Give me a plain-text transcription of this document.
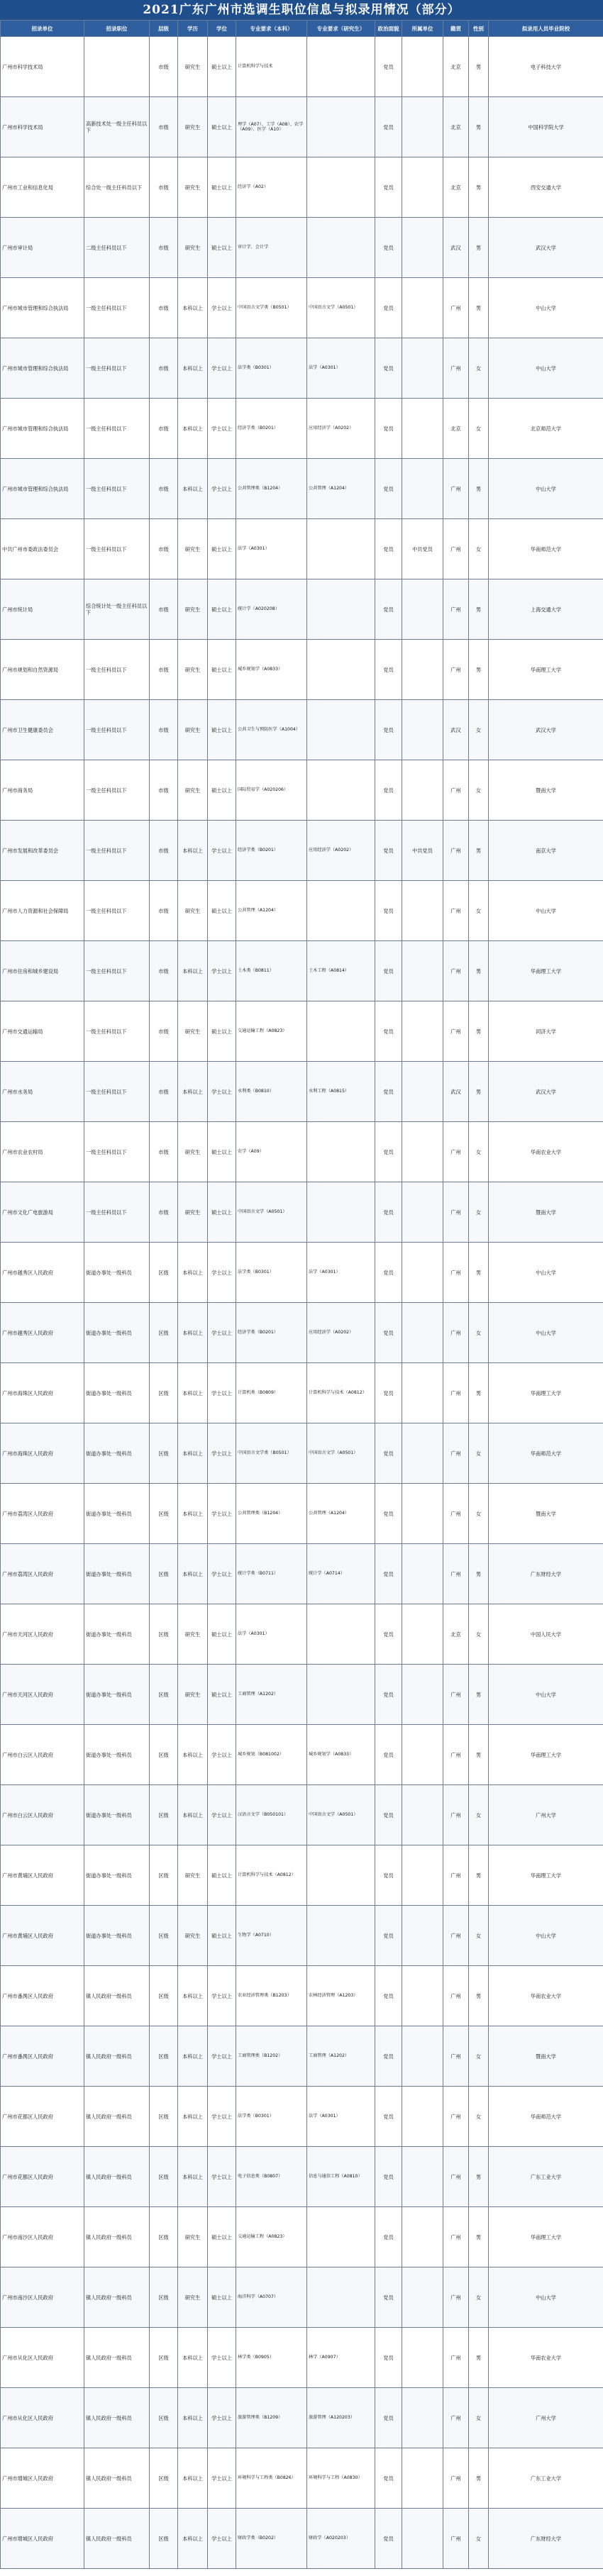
2021广东广州市选调生职位信息与拟录用情况（部分）
招录单位	招录职位	层级	学历	学位	专业要求（本科）	专业要求（研究生）	政治面貌	所属单位	籍贯	性别	拟录用人员毕业院校
广州市科学技术局		市级	研究生	硕士以上	计算机科学与技术		党员		北京	男	电子科技大学
广州市科学技术局	高新技术处一级主任科员以下	市级	研究生	硕士以上	理学（A07）、工学（A08）、农学（A09）、医学（A10）		党员		北京	男	中国科学院大学
广州市工业和信息化局	综合处一级主任科员以下	市级	研究生	硕士以上	经济学（A02）		党员		北京	男	西安交通大学
广州市审计局	二级主任科员以下	市级	研究生	硕士以上	审计学、会计学		党员		武汉	男	武汉大学
广州市城市管理和综合执法局	一级主任科员以下	市级	本科以上	学士以上	中国语言文学类（B0501）	中国语言文学（A0501）	党员		广州	男	中山大学
广州市城市管理和综合执法局	一级主任科员以下	市级	本科以上	学士以上	法学类（B0301）	法学（A0301）	党员		广州	女	中山大学
广州市城市管理和综合执法局	一级主任科员以下	市级	本科以上	学士以上	经济学类（B0201）	应用经济学（A0202）	党员		北京	女	北京师范大学
广州市城市管理和综合执法局	一级主任科员以下	市级	本科以上	学士以上	公共管理类（B1204）	公共管理（A1204）	党员		广州	男	中山大学
中共广州市委政法委员会	一级主任科员以下	市级	研究生	硕士以上	法学（A0301）		党员	中共党员	广州	女	华南师范大学
广州市统计局	综合统计处一级主任科员以下	市级	研究生	硕士以上	统计学（A020208）		党员		广州	男	上海交通大学
广州市规划和自然资源局	一级主任科员以下	市级	研究生	硕士以上	城乡规划学（A0833）		党员		广州	男	华南理工大学
广州市卫生健康委员会	一级主任科员以下	市级	研究生	硕士以上	公共卫生与预防医学（A1004）		党员		武汉	女	武汉大学
广州市商务局	一级主任科员以下	市级	研究生	硕士以上	国际贸易学（A020206）		党员		广州	女	暨南大学
广州市发展和改革委员会	一级主任科员以下	市级	本科以上	学士以上	经济学类（B0201）	应用经济学（A0202）	党员	中共党员	广州	男	南京大学
广州市人力资源和社会保障局	一级主任科员以下	市级	研究生	硕士以上	公共管理（A1204）		党员		广州	女	中山大学
广州市住房和城乡建设局	一级主任科员以下	市级	本科以上	学士以上	土木类（B0811）	土木工程（A0814）	党员		广州	男	华南理工大学
广州市交通运输局	一级主任科员以下	市级	研究生	硕士以上	交通运输工程（A0823）		党员		广州	男	同济大学
广州市水务局	一级主任科员以下	市级	本科以上	学士以上	水利类（B0810）	水利工程（A0815）	党员		武汉	男	武汉大学
广州市农业农村局	一级主任科员以下	市级	研究生	硕士以上	农学（A09）		党员		广州	女	华南农业大学
广州市文化广电旅游局	一级主任科员以下	市级	研究生	硕士以上	中国语言文学（A0501）		党员		广州	女	暨南大学
广州市越秀区人民政府	街道办事处一级科员	区级	本科以上	学士以上	法学类（B0301）	法学（A0301）	党员		广州	男	中山大学
广州市越秀区人民政府	街道办事处一级科员	区级	本科以上	学士以上	经济学类（B0201）	应用经济学（A0202）	党员		广州	女	中山大学
广州市海珠区人民政府	街道办事处一级科员	区级	本科以上	学士以上	计算机类（B0809）	计算机科学与技术（A0812）	党员		广州	男	华南理工大学
广州市海珠区人民政府	街道办事处一级科员	区级	本科以上	学士以上	中国语言文学类（B0501）	中国语言文学（A0501）	党员		广州	女	华南师范大学
广州市荔湾区人民政府	街道办事处一级科员	区级	本科以上	学士以上	公共管理类（B1204）	公共管理（A1204）	党员		广州	女	暨南大学
广州市荔湾区人民政府	街道办事处一级科员	区级	本科以上	学士以上	统计学类（B0711）	统计学（A0714）	党员		广州	男	广东财经大学
广州市天河区人民政府	街道办事处一级科员	区级	研究生	硕士以上	法学（A0301）		党员		北京	女	中国人民大学
广州市天河区人民政府	街道办事处一级科员	区级	研究生	硕士以上	工商管理（A1202）		党员		广州	男	中山大学
广州市白云区人民政府	街道办事处一级科员	区级	本科以上	学士以上	城乡规划（B081002）	城乡规划学（A0833）	党员		广州	男	华南理工大学
广州市白云区人民政府	街道办事处一级科员	区级	本科以上	学士以上	汉语言文学（B050101）	中国语言文学（A0501）	党员		广州	女	广州大学
广州市黄埔区人民政府	街道办事处一级科员	区级	研究生	硕士以上	计算机科学与技术（A0812）		党员		广州	男	华南理工大学
广州市黄埔区人民政府	街道办事处一级科员	区级	研究生	硕士以上	生物学（A0710）		党员		广州	女	中山大学
广州市番禺区人民政府	镇人民政府一级科员	区级	本科以上	学士以上	农业经济管理类（B1203）	农林经济管理（A1203）	党员		广州	男	华南农业大学
广州市番禺区人民政府	镇人民政府一级科员	区级	本科以上	学士以上	工商管理类（B1202）	工商管理（A1202）	党员		广州	女	暨南大学
广州市花都区人民政府	镇人民政府一级科员	区级	本科以上	学士以上	法学类（B0301）	法学（A0301）	党员		广州	女	华南师范大学
广州市花都区人民政府	镇人民政府一级科员	区级	本科以上	学士以上	电子信息类（B0807）	信息与通信工程（A0810）	党员		广州	男	广东工业大学
广州市南沙区人民政府	镇人民政府一级科员	区级	研究生	硕士以上	交通运输工程（A0823）		党员		广州	男	华南理工大学
广州市南沙区人民政府	镇人民政府一级科员	区级	研究生	硕士以上	海洋科学（A0707）		党员		广州	女	中山大学
广州市从化区人民政府	镇人民政府一级科员	区级	本科以上	学士以上	林学类（B0905）	林学（A0907）	党员		广州	男	华南农业大学
广州市从化区人民政府	镇人民政府一级科员	区级	本科以上	学士以上	旅游管理类（B1209）	旅游管理（A120203）	党员		广州	女	广州大学
广州市增城区人民政府	镇人民政府一级科员	区级	本科以上	学士以上	环境科学与工程类（B0826）	环境科学与工程（A0830）	党员		广州	男	广东工业大学
广州市增城区人民政府	镇人民政府一级科员	区级	本科以上	学士以上	财政学类（B0202）	财政学（A020203）	党员		广州	女	广东财经大学
